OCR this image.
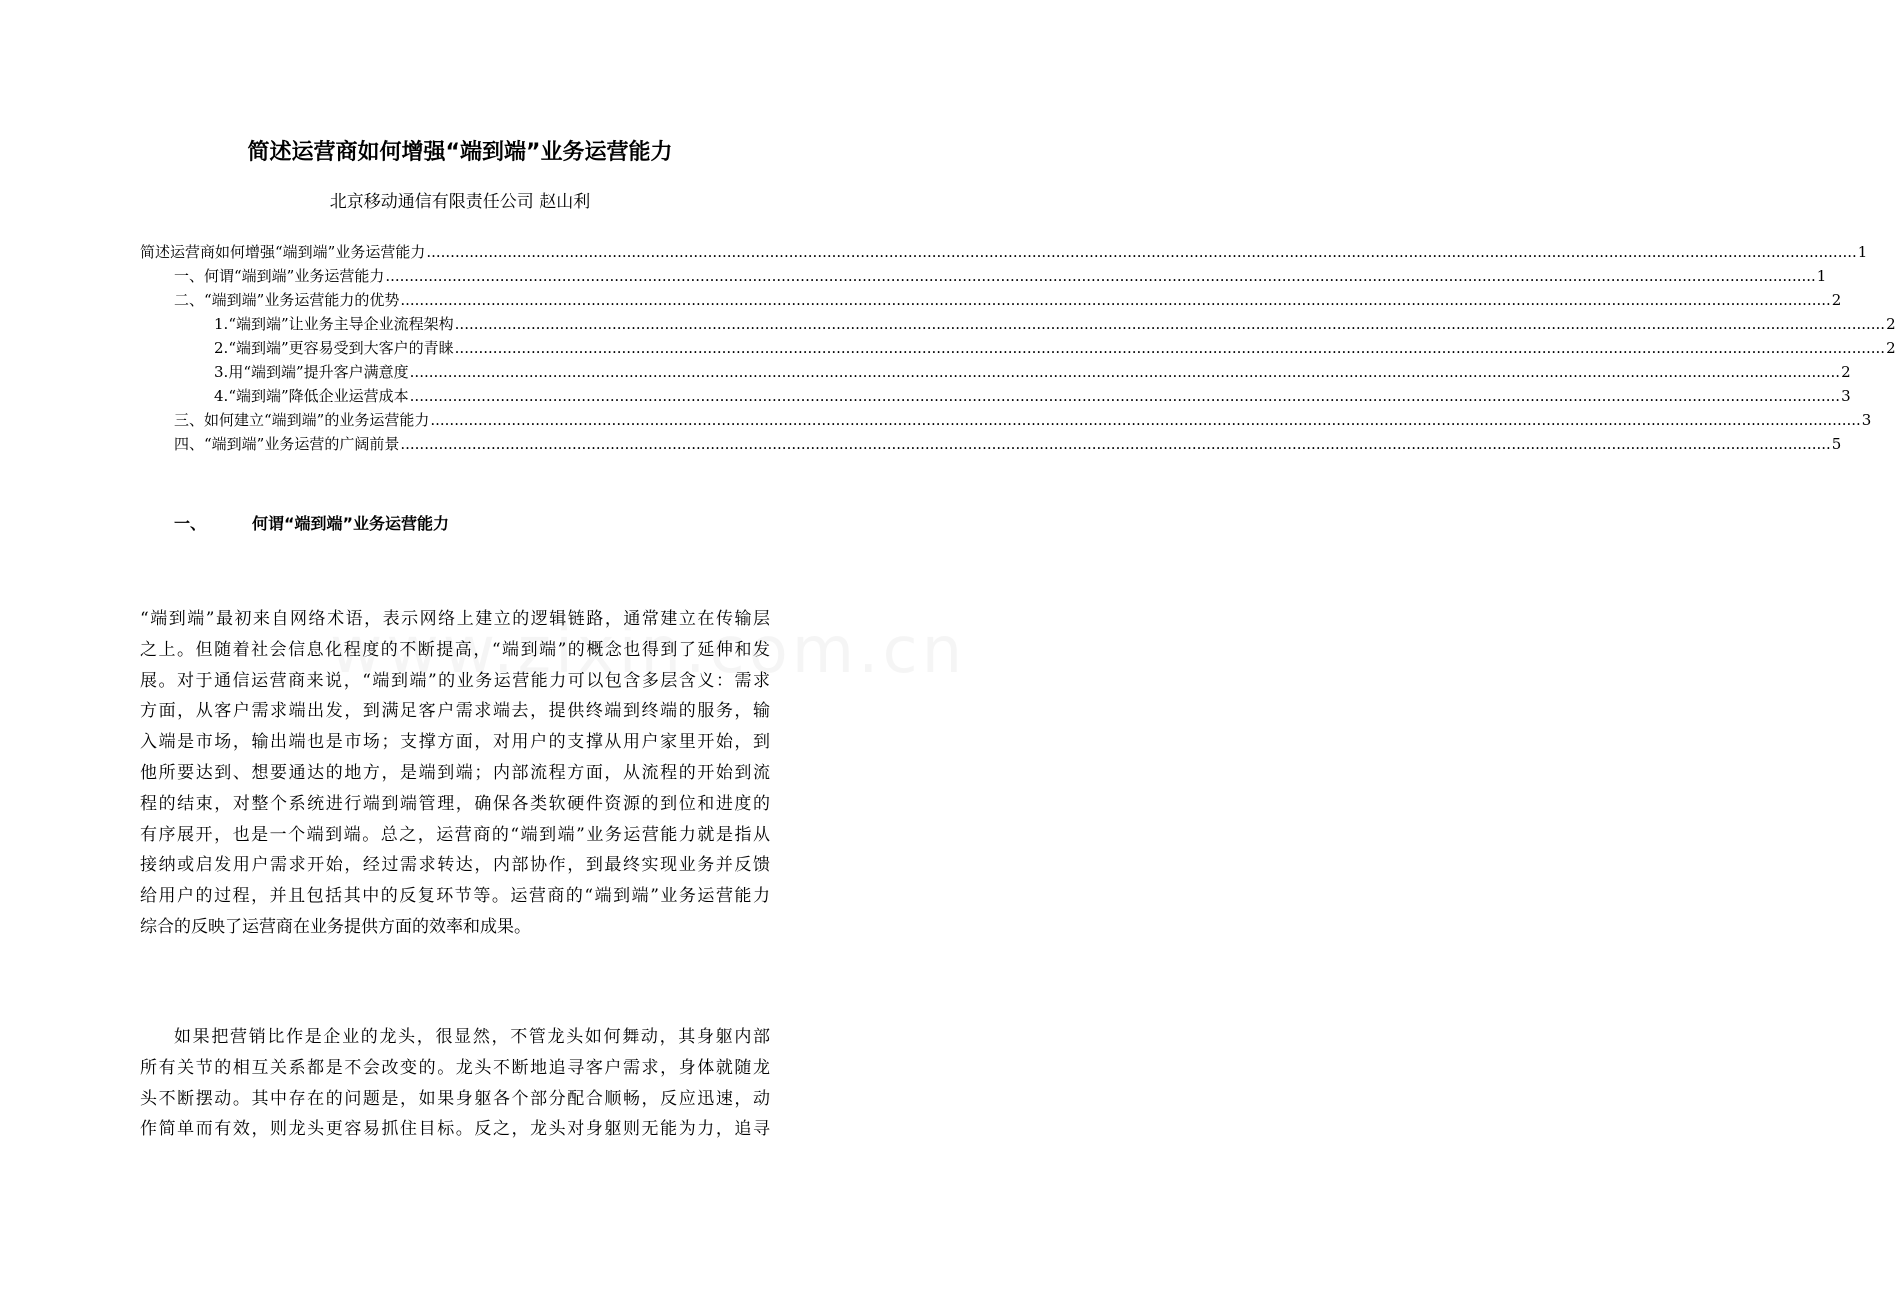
简述运营商如何增强“端到端”业务运营能力
北京移动通信有限责任公司 赵山利
简述运营商如何增强“端到端”业务运营能力 ............................................................................................................................................................................................................................................................................................................ 1
一、 何谓“端到端”业务运营能力 ............................................................................................................................................................................................................................................................................................................ 1
二、 “端到端”业务运营能力的优势 ............................................................................................................................................................................................................................................................................................................ 2
1. “端到端”让业务主导企业流程架构 ............................................................................................................................................................................................................................................................................................................ 2
2. “端到端”更容易受到大客户的青睐 ............................................................................................................................................................................................................................................................................................................ 2
3. 用“端到端”提升客户满意度 ............................................................................................................................................................................................................................................................................................................ 2
4. “端到端”降低企业运营成本 ............................................................................................................................................................................................................................................................................................................ 3
三、 如何建立“端到端”的业务运营能力 ............................................................................................................................................................................................................................................................................................................ 3
四、 “端到端”业务运营的广阔前景 ............................................................................................................................................................................................................................................................................................................ 5
一、	何谓“端到端”业务运营能力
“端到端”最初来自网络术语，表示网络上建立的逻辑链路，通常建立在传输层
之上。但随着社会信息化程度的不断提高，“端到端”的概念也得到了延伸和发
展。对于通信运营商来说，“端到端”的业务运营能力可以包含多层含义：需求
方面，从客户需求端出发，到满足客户需求端去，提供终端到终端的服务，输
入端是市场，输出端也是市场；支撑方面，对用户的支撑从用户家里开始，到
他所要达到、想要通达的地方，是端到端；内部流程方面，从流程的开始到流
程的结束，对整个系统进行端到端管理，确保各类软硬件资源的到位和进度的
有序展开，也是一个端到端。总之，运营商的“端到端”业务运营能力就是指从
接纳或启发用户需求开始，经过需求转达，内部协作，到最终实现业务并反馈
给用户的过程，并且包括其中的反复环节等。运营商的“端到端”业务运营能力
综合的反映了运营商在业务提供方面的效率和成果。
如果把营销比作是企业的龙头，很显然，不管龙头如何舞动，其身躯内部
所有关节的相互关系都是不会改变的。龙头不断地追寻客户需求，身体就随龙
头不断摆动。其中存在的问题是，如果身躯各个部分配合顺畅，反应迅速，动
作简单而有效，则龙头更容易抓住目标。反之，龙头对身躯则无能为力，追寻
